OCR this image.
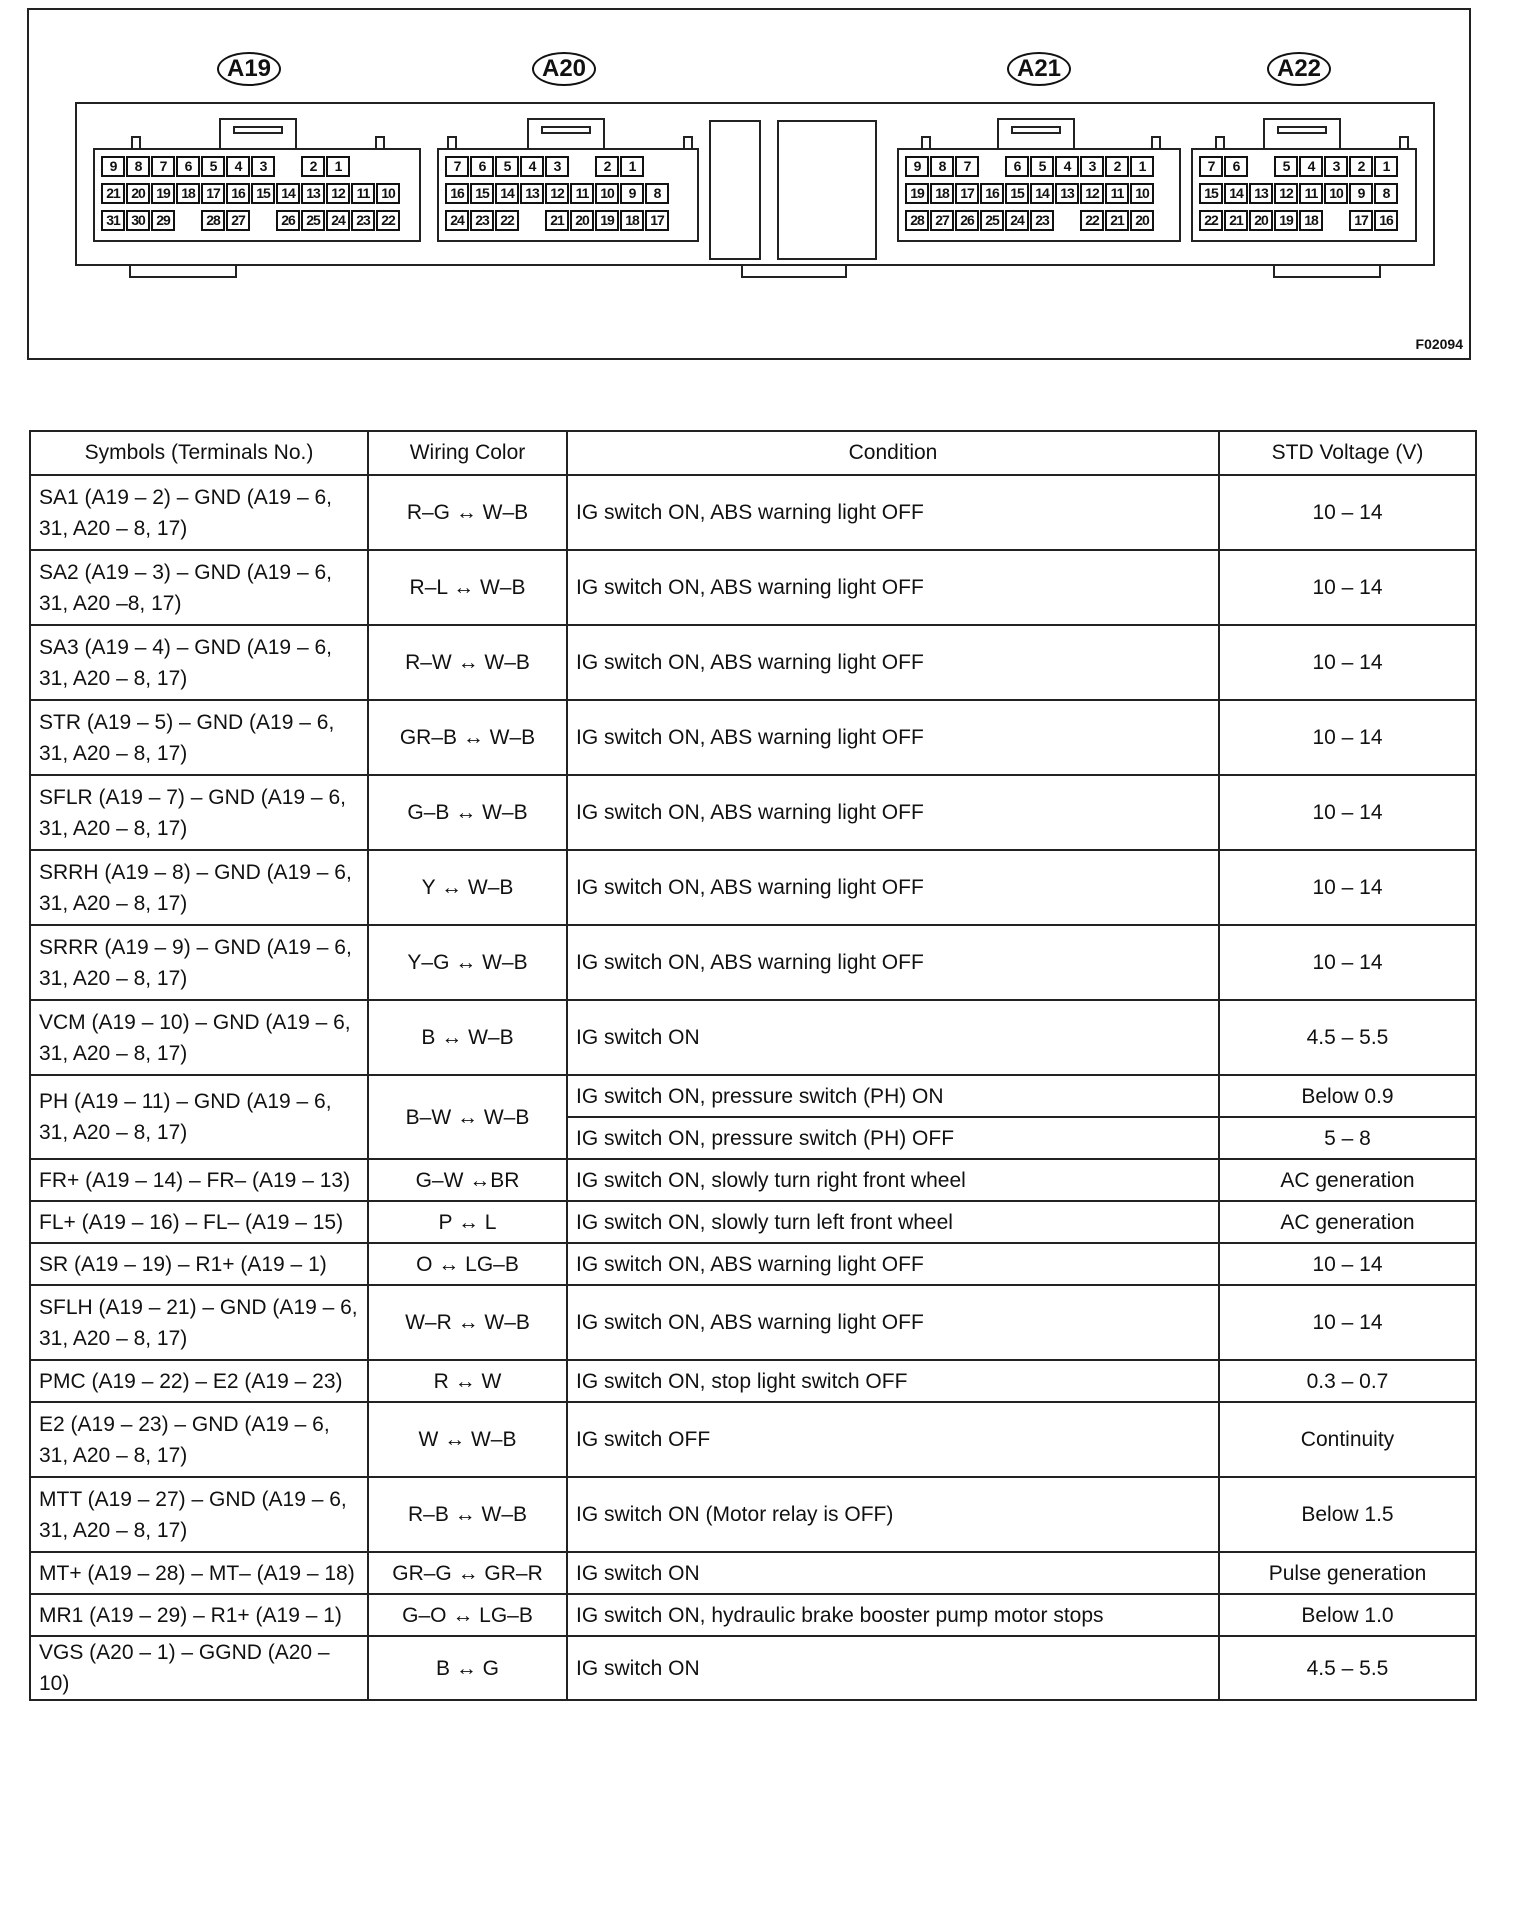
A19	A20	A21	A22
9	8	7	6	5	4	3	2	1
21 20 19 18 17 16 15 14 13 12 11 10
31 30 29	28 27	26 25 24 23 22
7	6	5	4	3	2	1
16 15 14 13 12 11 10	9	8
24 23 22	21 20 19 18 17
9	8	7	6	5	4	3	2	1
19 18 17 16 15 14 13 12 11 10
28 27 26 25 24 23	22 21 20
7	6	5	4	3	2	1
15 14 13 12 11 10	9	8
22 21 20 19 18	17 16
F02094
Symbols (Terminals No.)	Wiring Color	Condition	STD Voltage (V)
SA1 (A19 – 2) – GND (A19 – 6, 31, A20 – 8, 17)	R–G ↔ W–B	IG switch ON, ABS warning light OFF	10 – 14
SA2 (A19 – 3) – GND (A19 – 6, 31, A20 –8, 17)	R–L ↔ W–B	IG switch ON, ABS warning light OFF	10 – 14
SA3 (A19 – 4) – GND (A19 – 6, 31, A20 – 8, 17)	R–W ↔ W–B	IG switch ON, ABS warning light OFF	10 – 14
STR (A19 – 5) – GND (A19 – 6, 31, A20 – 8, 17)	GR–B ↔ W–B	IG switch ON, ABS warning light OFF	10 – 14
SFLR (A19 – 7) – GND (A19 – 6, 31, A20 – 8, 17)	G–B ↔ W–B	IG switch ON, ABS warning light OFF	10 – 14
SRRH (A19 – 8) – GND (A19 – 6, 31, A20 – 8, 17)	Y ↔ W–B	IG switch ON, ABS warning light OFF	10 – 14
SRRR (A19 – 9) – GND (A19 – 6, 31, A20 – 8, 17)	Y–G ↔ W–B	IG switch ON, ABS warning light OFF	10 – 14
VCM (A19 – 10) – GND (A19 – 6, 31, A20 – 8, 17)	B ↔ W–B	IG switch ON	4.5 – 5.5
PH (A19 – 11) – GND (A19 – 6, 31, A20 – 8, 17)	B–W ↔ W–B	IG switch ON, pressure switch (PH) ON	Below 0.9
		IG switch ON, pressure switch (PH) OFF	5 – 8
FR+ (A19 – 14) – FR– (A19 – 13)	G–W ↔BR	IG switch ON, slowly turn right front wheel	AC generation
FL+ (A19 – 16) – FL– (A19 – 15)	P ↔ L	IG switch ON, slowly turn left front wheel	AC generation
SR (A19 – 19) – R1+ (A19 – 1)	O ↔ LG–B	IG switch ON, ABS warning light OFF	10 – 14
SFLH (A19 – 21) – GND (A19 – 6, 31, A20 – 8, 17)	W–R ↔ W–B	IG switch ON, ABS warning light OFF	10 – 14
PMC (A19 – 22) – E2 (A19 – 23)	R ↔ W	IG switch ON, stop light switch OFF	0.3 – 0.7
E2 (A19 – 23) – GND (A19 – 6, 31, A20 – 8, 17)	W ↔ W–B	IG switch OFF	Continuity
MTT (A19 – 27) – GND (A19 – 6, 31, A20 – 8, 17)	R–B ↔ W–B	IG switch ON (Motor relay is OFF)	Below 1.5
MT+ (A19 – 28) – MT– (A19 – 18)	GR–G ↔ GR–R	IG switch ON	Pulse generation
MR1 (A19 – 29) – R1+ (A19 – 1)	G–O ↔ LG–B	IG switch ON, hydraulic brake booster pump motor stops	Below 1.0
VGS (A20 – 1) – GGND (A20 – 10)	B ↔ G	IG switch ON	4.5 – 5.5
